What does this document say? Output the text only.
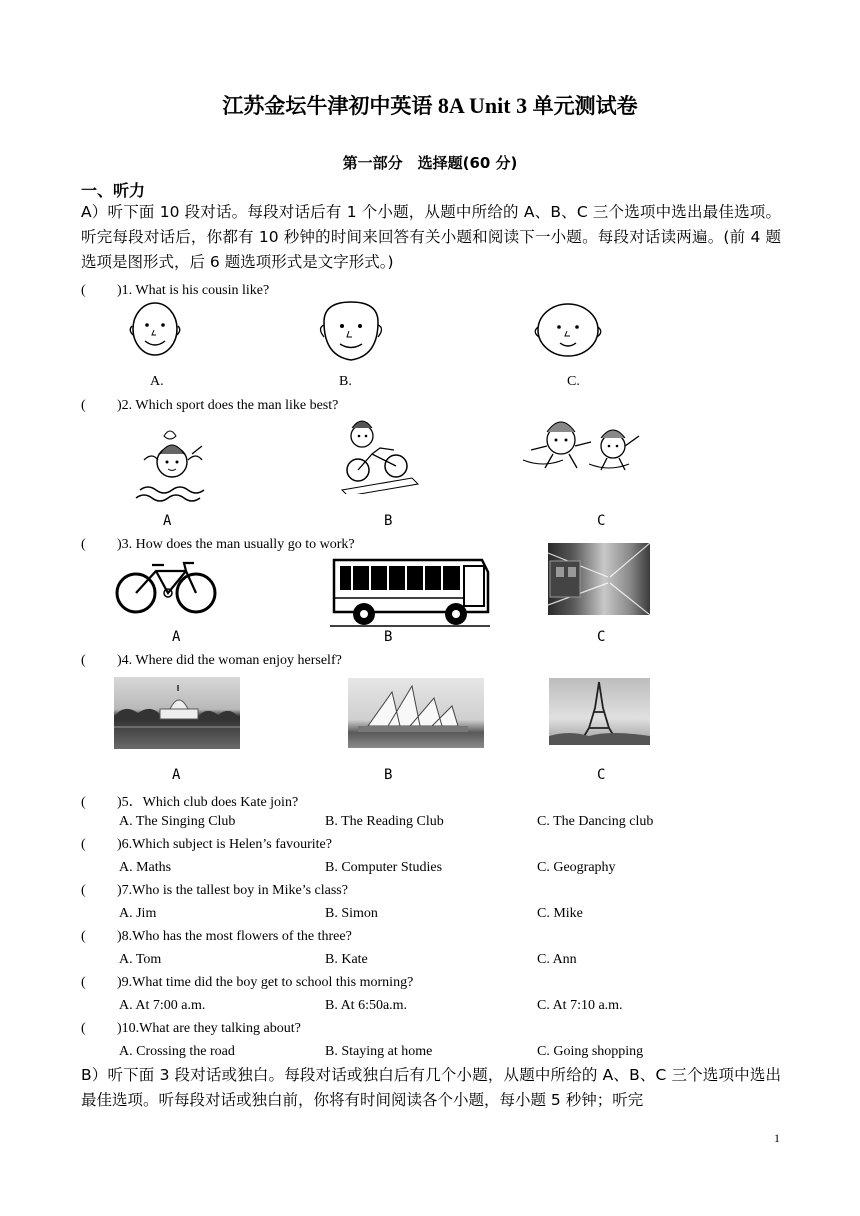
江苏金坛牛津初中英语 8A Unit 3 单元测试卷
第一部分　选择题(60 分)
一、听力
A）听下面 10 段对话。每段对话后有 1 个小题，从题中所给的 A、B、C 三个选项中选出最佳选项。听完每段对话后，你都有 10 秒钟的时间来回答有关小题和阅读下一小题。每段对话读两遍。(前 4 题选项是图形式，后 6 题选项形式是文字形式。)
( )1. What is his cousin like?
A.	B.	C.
( )2. Which sport does the man like best?
A	B	C
( )3. How does the man usually go to work?
A	B	C
( )4. Where did the woman enjoy herself?
A	B	C
( )5．Which club does Kate join?
A. The Singing Club	B. The Reading Club	C. The Dancing club
( )6.Which subject is Helen’s favourite?
A. Maths	B. Computer Studies	C. Geography
( )7.Who is the tallest boy in Mike’s class?
A. Jim	B. Simon	C. Mike
( )8.Who has the most flowers of the three?
A. Tom	B. Kate	C. Ann
( )9.What time did the boy get to school this morning?
A. At 7:00 a.m.	B. At 6:50a.m.	C. At 7:10 a.m.
( )10.What are they talking about?
A. Crossing the road	B. Staying at home	C. Going shopping
B）听下面 3 段对话或独白。每段对话或独白后有几个小题，从题中所给的 A、B、C 三个选项中选出最佳选项。听每段对话或独白前，你将有时间阅读各个小题，每小题 5 秒钟；听完
1
